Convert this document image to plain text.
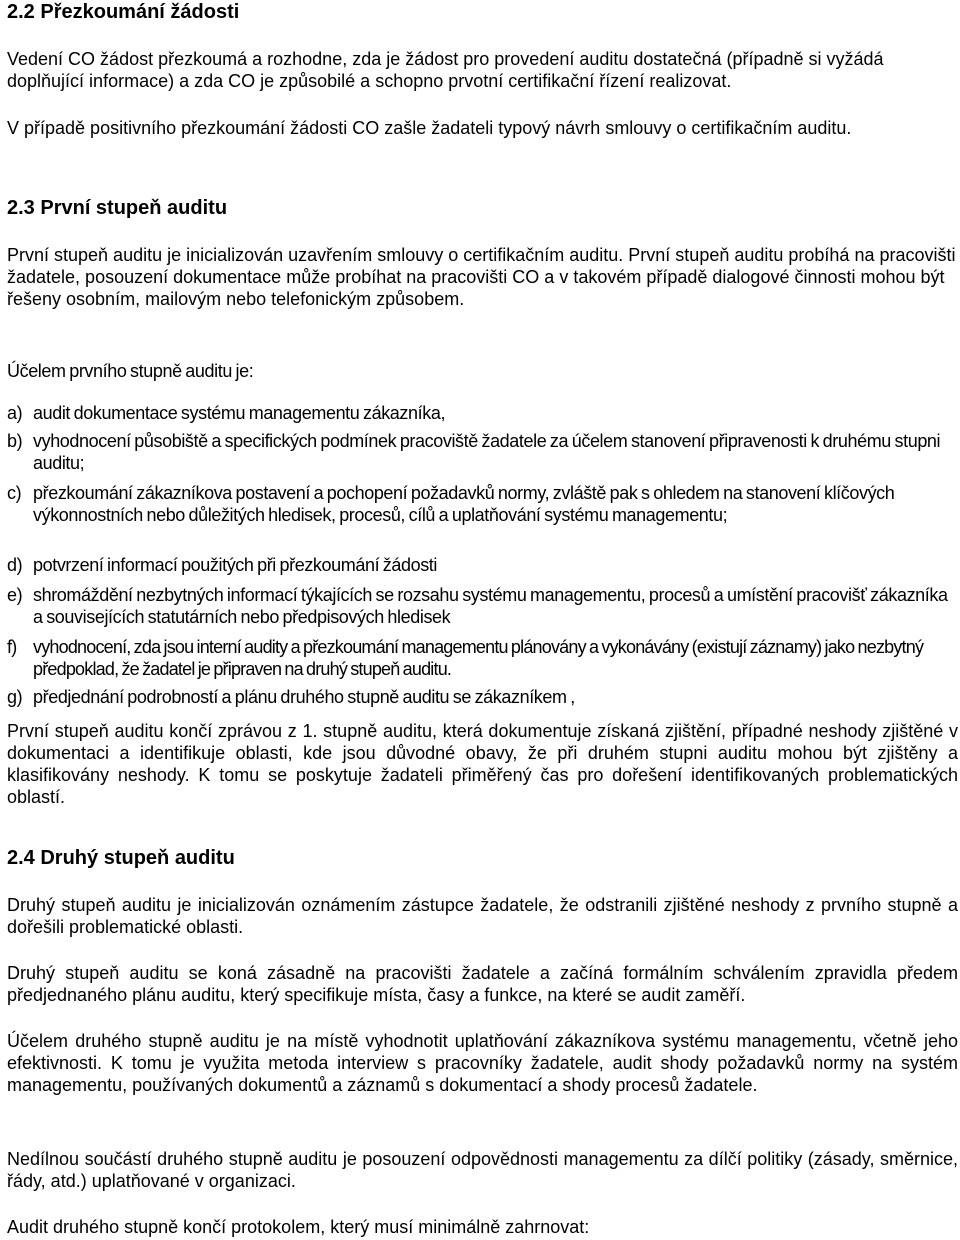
2.2 Přezkoumání žádosti
Vedení CO žádost přezkoumá a rozhodne, zda je žádost pro provedení auditu dostatečná (případně si vyžádá doplňující informace) a zda CO je způsobilé a schopno prvotní certifikační řízení realizovat.
V případě positivního přezkoumání žádosti CO zašle žadateli typový návrh smlouvy o certifikačním auditu.
2.3 První stupeň auditu
První stupeň auditu je inicializován uzavřením smlouvy o certifikačním auditu. První stupeň auditu probíhá na pracovišti žadatele, posouzení dokumentace může probíhat na pracovišti CO a v takovém případě dialogové činnosti mohou být řešeny osobním, mailovým nebo telefonickým způsobem.
Účelem prvního stupně auditu je:
a) audit dokumentace systému managementu zákazníka,
b) vyhodnocení působiště a specifických podmínek pracoviště žadatele za účelem stanovení připravenosti k druhému stupni auditu;
c) přezkoumání zákazníkova postavení a pochopení požadavků normy, zvláště pak s ohledem na stanovení klíčových výkonnostních nebo důležitých hledisek, procesů, cílů a uplatňování systému managementu;
d) potvrzení informací použitých při přezkoumání žádosti
e) shromáždění nezbytných informací týkajících se rozsahu systému managementu, procesů a umístění pracovišť zákazníka a souvisejících statutárních nebo předpisových hledisek
f) vyhodnocení, zda jsou interní audity a přezkoumání managementu plánovány a vykonávány (existují záznamy) jako nezbytný předpoklad, že žadatel je připraven na druhý stupeň auditu.
g) předjednání podrobností a plánu druhého stupně auditu se zákazníkem ,
První stupeň auditu končí zprávou z 1. stupně auditu, která dokumentuje získaná zjištění, případné neshody zjištěné v dokumentaci a identifikuje oblasti, kde jsou důvodné obavy, že při druhém stupni auditu mohou být zjištěny a klasifikovány neshody. K tomu se poskytuje žadateli přiměřený čas pro dořešení identifikovaných problematických oblastí.
2.4 Druhý stupeň auditu
Druhý stupeň auditu je inicializován oznámením zástupce žadatele, že odstranili zjištěné neshody z prvního stupně a dořešili problematické oblasti.
Druhý stupeň auditu se koná zásadně na pracovišti žadatele a začíná formálním schválením zpravidla předem předjednaného plánu auditu, který specifikuje místa, časy a funkce, na které se audit zaměří.
Účelem druhého stupně auditu je na místě vyhodnotit uplatňování zákazníkova systému managementu, včetně jeho efektivnosti. K tomu je využita metoda interview s pracovníky žadatele, audit shody požadavků normy na systém managementu, používaných dokumentů a záznamů s dokumentací a shody procesů žadatele.
Nedílnou součástí druhého stupně auditu je posouzení odpovědnosti managementu za dílčí politiky (zásady, směrnice, řády, atd.) uplatňované v organizaci.
Audit druhého stupně končí protokolem, který musí minimálně zahrnovat:
